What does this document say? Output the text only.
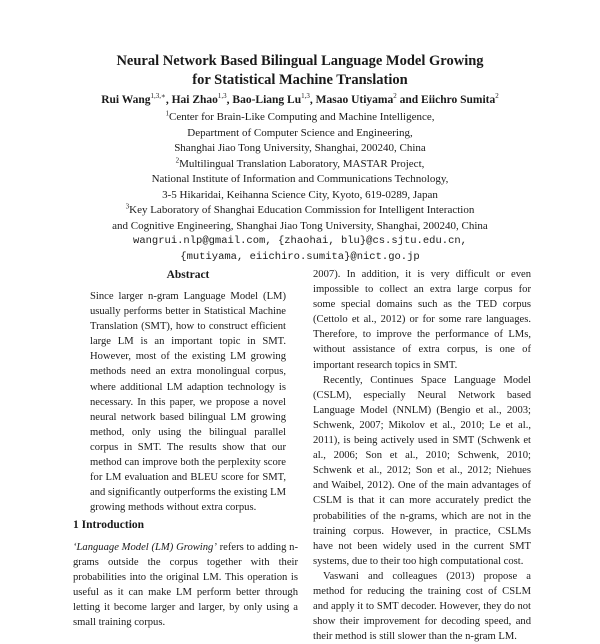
Neural Network Based Bilingual Language Model Growing
for Statistical Machine Translation
Rui Wang$^{1,3,∗}$, Hai Zhao$^{1,3}$, Bao-Liang Lu$^{1,3}$, Masao Utiyama$^2$ and Eiichro Sumita$^2$
$^1$Center for Brain-Like Computing and Machine Intelligence,
Department of Computer Science and Engineering,
Shanghai Jiao Tong University, Shanghai, 200240, China
$^2$Multilingual Translation Laboratory, MASTAR Project,
National Institute of Information and Communications Technology,
3-5 Hikaridai, Keihanna Science City, Kyoto, 619-0289, Japan
$^3$Key Laboratory of Shanghai Education Commission for Intelligent Interaction
and Cognitive Engineering, Shanghai Jiao Tong University, Shanghai, 200240, China
wangrui.nlp@gmail.com, {zhaohai, blu}@cs.sjtu.edu.cn,
{mutiyama, eiichiro.sumita}@nict.go.jp
Abstract
Since larger n-gram Language Model (LM) usually performs better in Statistical Machine Translation (SMT), how to construct efficient large LM is an important topic in SMT. However, most of the existing LM growing methods need an extra monolingual corpus, where additional LM adaption technology is necessary. In this paper, we propose a novel neural network based bilingual LM growing method, only using the bilingual parallel corpus in SMT. The results show that our method can improve both the perplexity score for LM evaluation and BLEU score for SMT, and significantly outperforms the existing LM growing methods without extra corpus.
1 Introduction
‘Language Model (LM) Growing’ refers to adding n-grams outside the corpus together with their probabilities into the original LM. This operation is useful as it can make LM perform better through letting it become larger and larger, by only using a small training corpus.

2007). In addition, it is very difficult or even impossible to collect an extra large corpus for some special domains such as the TED corpus (Cettolo et al., 2012) or for some rare languages. Therefore, to improve the performance of LMs, without assistance of extra corpus, is one of important research topics in SMT.

Recently, Continues Space Language Model (CSLM), especially Neural Network based Language Model (NNLM) (Bengio et al., 2003; Schwenk, 2007; Mikolov et al., 2010; Le et al., 2011), is being actively used in SMT (Schwenk et al., 2006; Son et al., 2010; Schwenk, 2010; Schwenk et al., 2012; Son et al., 2012; Niehues and Waibel, 2012). One of the main advantages of CSLM is that it can more accurately predict the probabilities of the n-grams, which are not in the training corpus. However, in practice, CSLMs have not been widely used in the current SMT systems, due to their too high computational cost.

Vaswani and colleagues (2013) propose a method for reducing the training cost of CSLM and apply it to SMT decoder. However, they do not show their improvement for decoding speed, and their method is still slower than the n-gram LM.
